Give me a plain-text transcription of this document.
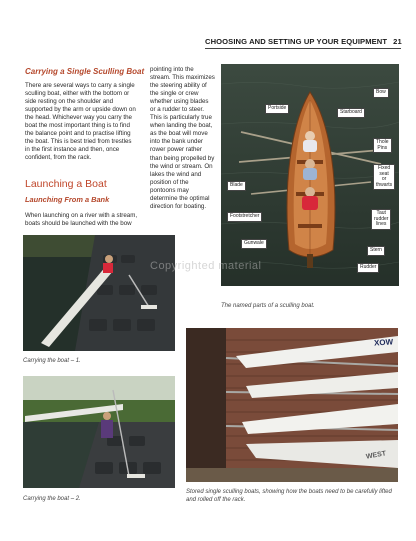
CHOOSING AND SETTING UP YOUR EQUIPMENT 21
Carrying a Single Sculling Boat

There are several ways to carry a single

sculling boat, either with the bottom or

side resting on the shoulder and

supported by the arm or upside down on

the head. Whichever way you carry the

boat the most important thing is to find

the balance point and to practise lifting

the boat. This is best tried from trestles

in the first instance and then, once

confident, from the rack.

pointing into the

stream. This maximizes

the steering ability of

the single or crew

whether using blades

or a rudder to steer.

This is particularly true

when landing the boat,

as the boat will move

into the bank under

rower power rather

than being propelled by

the wind or stream. On

lakes the wind and

position of the

pontoons may

determine the optimal

direction for boating.

Launching a Boat
Launching From a Bank

When launching on a river with a stream,

boats should be launched with the bow

Bow
Portside
Starboard
Thole
Pins
Fixed
seat
or
thwarts
Blade
Footstretcher	Taut
rudder
lines
Gunwale
Stern
Rudder
The named parts of a sculling boat.
Carrying the boat – 1.
Carrying the boat – 2.
XOW
WEST
Stored single sculling boats, showing how the boats need to be carefully lifted
and rolled off the rack.
Copyrighted material
